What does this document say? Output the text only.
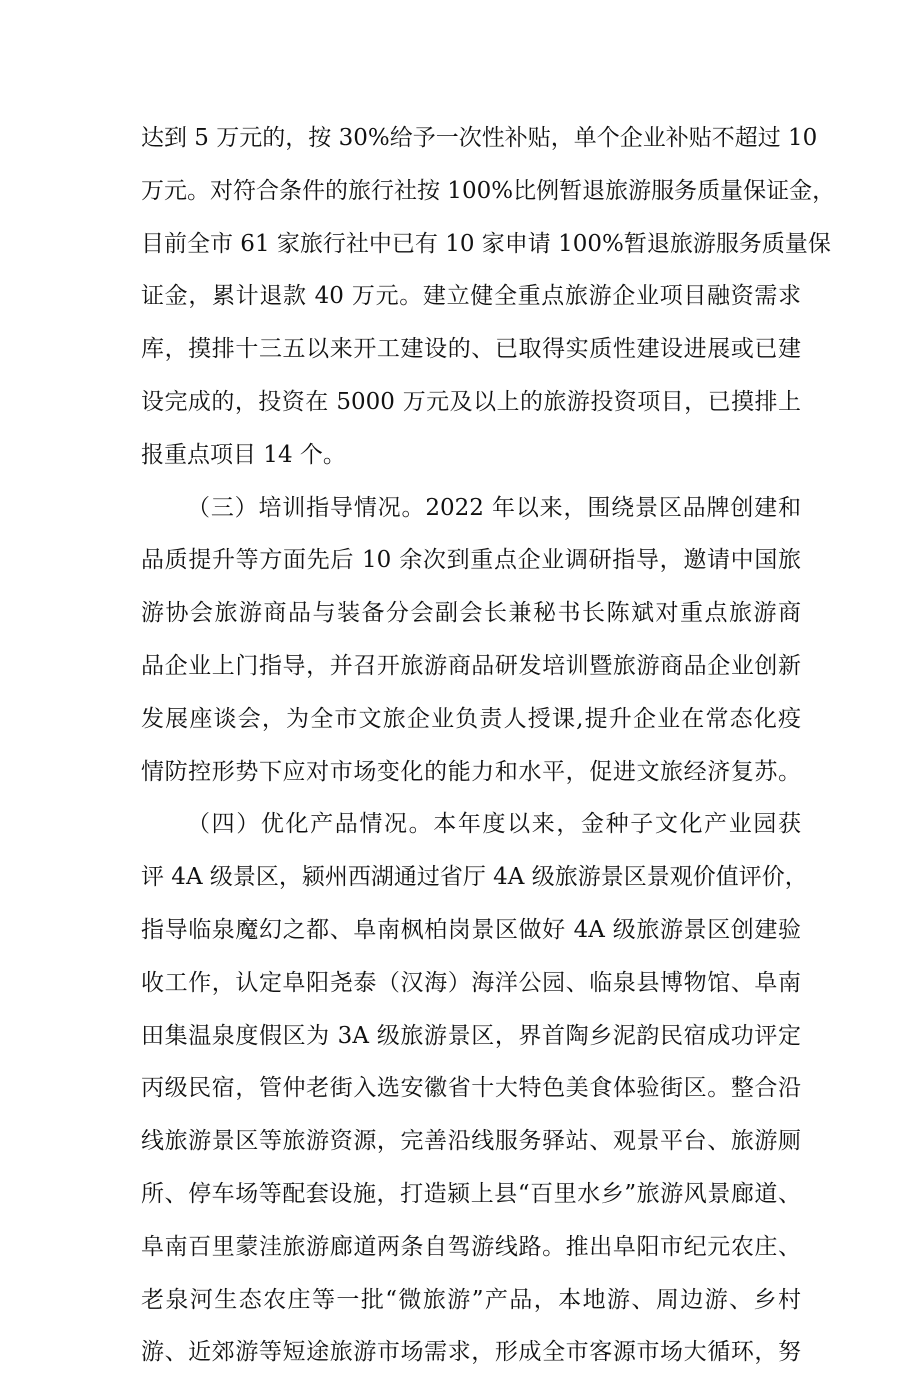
达到 5 万元的，按 30%给予一次性补贴，单个企业补贴不超过 10
万元。对符合条件的旅行社按 100%比例暂退旅游服务质量保证金，
目前全市 61 家旅行社中已有 10 家申请 100%暂退旅游服务质量保
证金，累计退款 40 万元。建立健全重点旅游企业项目融资需求
库，摸排十三五以来开工建设的、已取得实质性建设进展或已建
设完成的，投资在 5000 万元及以上的旅游投资项目，已摸排上
报重点项目 14 个。
（三）培训指导情况。2022 年以来，围绕景区品牌创建和
品质提升等方面先后 10 余次到重点企业调研指导，邀请中国旅
游协会旅游商品与装备分会副会长兼秘书长陈斌对重点旅游商
品企业上门指导，并召开旅游商品研发培训暨旅游商品企业创新
发展座谈会，为全市文旅企业负责人授课,提升企业在常态化疫
情防控形势下应对市场变化的能力和水平，促进文旅经济复苏。
（四）优化产品情况。本年度以来，金种子文化产业园获
评 4A 级景区，颍州西湖通过省厅 4A 级旅游景区景观价值评价，
指导临泉魔幻之都、阜南枫柏岗景区做好 4A 级旅游景区创建验
收工作，认定阜阳尧泰（汉海）海洋公园、临泉县博物馆、阜南
田集温泉度假区为 3A 级旅游景区，界首陶乡泥韵民宿成功评定
丙级民宿，管仲老街入选安徽省十大特色美食体验街区。整合沿
线旅游景区等旅游资源，完善沿线服务驿站、观景平台、旅游厕
所、停车场等配套设施，打造颍上县“百里水乡”旅游风景廊道、
阜南百里蒙洼旅游廊道两条自驾游线路。推出阜阳市纪元农庄、
老泉河生态农庄等一批“微旅游”产品，本地游、周边游、乡村
游、近郊游等短途旅游市场需求，形成全市客源市场大循环，努
